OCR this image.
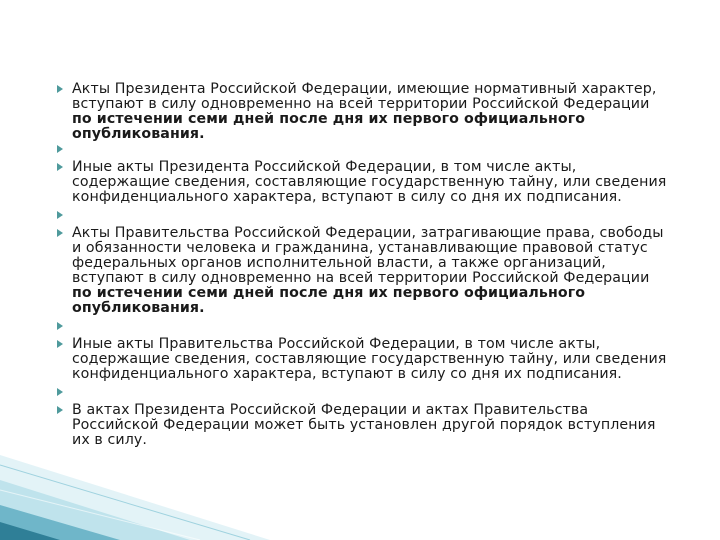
Акты Президента Российской Федерации, имеющие нормативный характер, вступают в силу одновременно на всей территории Российской Федерации по истечении семи дней после дня их первого официального опубликования.
Иные акты Президента Российской Федерации, в том числе акты, содержащие сведения, составляющие государственную тайну, или сведения конфиденциального характера, вступают в силу со дня их подписания.
Акты Правительства Российской Федерации, затрагивающие права, свободы и обязанности человека и гражданина, устанавливающие правовой статус федеральных органов исполнительной власти, а также организаций, вступают в силу одновременно на всей территории Российской Федерации по истечении семи дней после дня их первого официального опубликования.
Иные акты Правительства Российской Федерации, в том числе акты, содержащие сведения, составляющие государственную тайну, или сведения конфиденциального характера, вступают в силу со дня их подписания.
В актах Президента Российской Федерации и актах Правительства Российской Федерации может быть установлен другой порядок вступления их в силу.
